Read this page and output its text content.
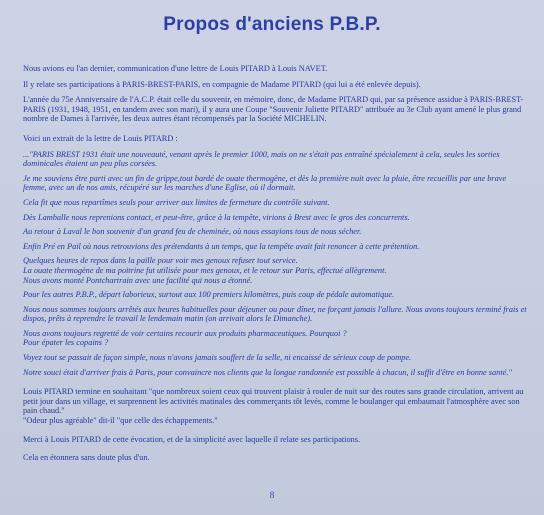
Propos d'anciens P.B.P.
Nous avions eu l'an dernier, communication d'une lettre de Louis PITARD à Louis NAVET.
Il y relate ses participations à PARIS-BREST-PARIS, en compagnie de Madame PITARD (qui lui a été enlevée depuis).
L'année du 75e Anniversaire de l'A.C.P. était celle du souvenir, en mémoire, donc, de Madame PITARD qui, par sa présence assidue à PARIS-BREST-PARIS (1931, 1948, 1951, en tandem avec son mari), il y aura une Coupe "Souvenir Juliette PITARD" attribuée au 3e Club ayant amené le plus grand nombre de Dames à l'arrivée, les deux autres étant récompensés par la Société MICHELIN.
Voici un extrait de la lettre de Louis PITARD :
..."PARIS BREST 1931 était une nouveauté, venant après le premier 1000, mais on ne s'était pas entraîné spécialement à cela, seules les sorties dominicales étaient un peu plus corsées.
Je me souviens être parti avec un fin de grippe,tout bardé de ouate thermogène, et dès la première nuit avec la pluie, être recueillis par une brave femme, avec un de nos amis, récupéré sur les marches d'une Eglise, où il dormait.
Cela fit que nous repartîmes seuls pour arriver aux limites de fermeture du contrôle suivant.
Dès Lamballe nous reprenions contact, et peut-être, grâce à la tempête, virions à Brest avec le gros des concurrents.
Au retour à Laval le bon souvenir d'un grand feu de cheminée, où nous essayions tous de nous sécher.
Enfin Pré en Pail où nous retrouvions des prétendants à un temps, que la tempête avait fait renoncer à cette prétention.
Quelques heures de repos dans la paille pour voir mes genoux refuser tout service.
La ouate thermogène de ma poitrine fut utilisée pour mes genoux, et le retour sur Paris, effectué allègrement.
Nous avons monté Pontchartrain avec une facilité qui nous a étonné.
Pour les autres P.B.P., départ laborieux, surtout aux 100 premiers kilomètres, puis coup de pédale automatique.
Nous nous sommes toujours arrêtés aux heures habituelles pour déjeuner ou pour dîner, ne forçant jamais l'allure. Nous avons toujours terminé frais et dispos, prêts à reprendre le travail le lendemain matin (on arrivait alors le Dimanche).
Nous avons toujours regretté de voir certains recourir aux produits pharmaceutiques. Pourquoi ?
Pour épater les copains ?
Voyez tout se passait de façon simple, nous n'avons jamais souffert de la selle, ni encaissé de sérieux coup de pompe.
Notre souci était d'arriver frais à Paris, pour convaincre nos clients que la longue randonnée est possible à chacun, il suffit d'être en bonne santé."
Louis PITARD termine en souhaitant "que nombreux soient ceux qui trouvent plaisir à rouler de nuit sur des routes sans grande circulation, arrivent au petit jour dans un village, et surprennent les activités matinales des commerçants tôt levés, comme le boulanger qui embaumait l'atmosphère avec son pain chaud."
"Odeur plus agréable" dit-il "que celle des échappements."
Merci à Louis PITARD de cette évocation, et de la simplicité avec laquelle il relate ses participations.
Cela en étonnera sans doute plus d'un.
8
